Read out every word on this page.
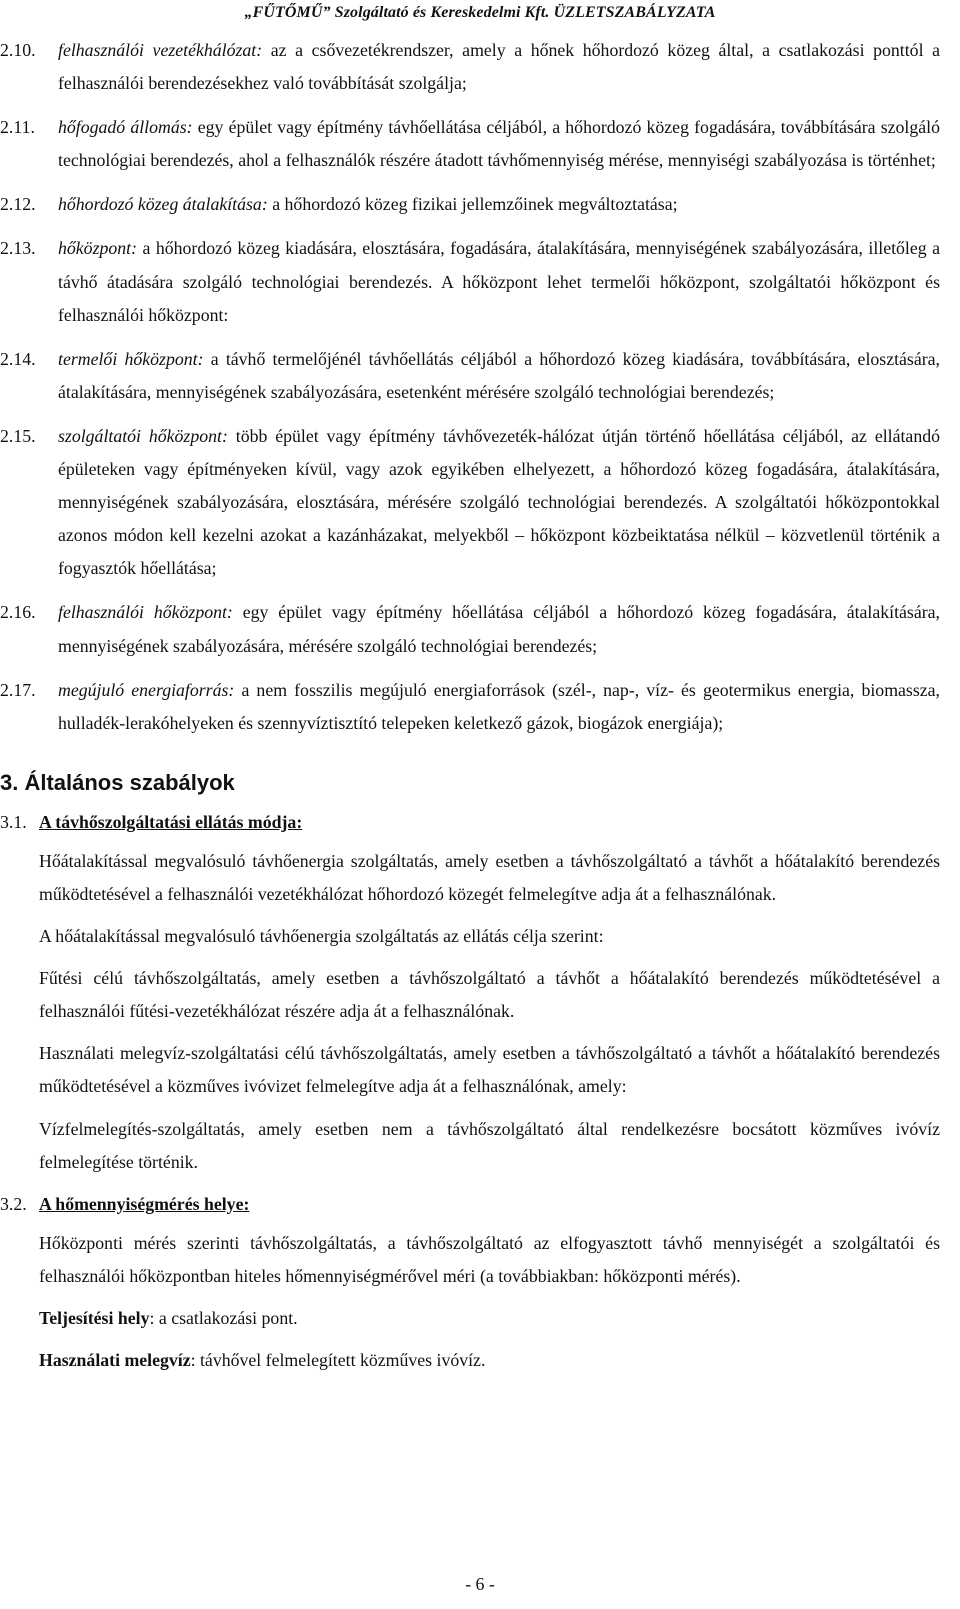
„FŰTŐMŰ” Szolgáltató és Kereskedelmi Kft. ÜZLETSZABÁLYZATA
2.10.	felhasználói vezetékhálózat: az a csővezetékrendszer, amely a hőnek hőhordozó közeg által, a csatlakozási ponttól a felhasználói berendezésekhez való továbbítását szolgálja;
2.11.	hőfogadó állomás: egy épület vagy építmény távhőellátása céljából, a hőhordozó közeg fogadására, továbbítására szolgáló technológiai berendezés, ahol a felhasználók részére átadott távhőmennyiség mérése, mennyiségi szabályozása is történhet;
2.12.	hőhordozó közeg átalakítása: a hőhordozó közeg fizikai jellemzőinek megváltoztatása;
2.13.	hőközpont: a hőhordozó közeg kiadására, elosztására, fogadására, átalakítására, mennyiségének szabályozására, illetőleg a távhő átadására szolgáló technológiai berendezés. A hőközpont lehet termelői hőközpont, szolgáltatói hőközpont és felhasználói hőközpont:
2.14.	termelői hőközpont: a távhő termelőjénél távhőellátás céljából a hőhordozó közeg kiadására, továbbítására, elosztására, átalakítására, mennyiségének szabályozására, esetenként mérésére szolgáló technológiai berendezés;
2.15.	szolgáltatói hőközpont: több épület vagy építmény távhővezeték-hálózat útján történő hőellátása céljából, az ellátandó épületeken vagy építményeken kívül, vagy azok egyikében elhelyezett, a hőhordozó közeg fogadására, átalakítására, mennyiségének szabályozására, elosztására, mérésére szolgáló technológiai berendezés. A szolgáltatói hőközpontokkal azonos módon kell kezelni azokat a kazánházakat, melyekből – hőközpont közbeiktatása nélkül – közvetlenül történik a fogyasztók hőellátása;
2.16.	felhasználói hőközpont: egy épület vagy építmény hőellátása céljából a hőhordozó közeg fogadására, átalakítására, mennyiségének szabályozására, mérésére szolgáló technológiai berendezés;
2.17.	megújuló energiaforrás: a nem fosszilis megújuló energiaforrások (szél-, nap-, víz- és geotermikus energia, biomassza, hulladék-lerakóhelyeken és szennyvíztisztító telepeken keletkező gázok, biogázok energiája);
3. Általános szabályok
3.1. A távhőszolgáltatási ellátás módja:
Hőátalakítással megvalósuló távhőenergia szolgáltatás, amely esetben a távhőszolgáltató a távhőt a hőátalakító berendezés működtetésével a felhasználói vezetékhálózat hőhordozó közegét felmelegítve adja át a felhasználónak.
A hőátalakítással megvalósuló távhőenergia szolgáltatás az ellátás célja szerint:
Fűtési célú távhőszolgáltatás, amely esetben a távhőszolgáltató a távhőt a hőátalakító berendezés működtetésével a felhasználói fűtési-vezetékhálózat részére adja át a felhasználónak.
Használati melegvíz-szolgáltatási célú távhőszolgáltatás, amely esetben a távhőszolgáltató a távhőt a hőátalakító berendezés működtetésével a közműves ivóvizet felmelegítve adja át a felhasználónak, amely:
Vízfelmelegítés-szolgáltatás, amely esetben nem a távhőszolgáltató által rendelkezésre bocsátott közműves ivóvíz felmelegítése történik.
3.2. A hőmennyiségmérés helye:
Hőközponti mérés szerinti távhőszolgáltatás, a távhőszolgáltató az elfogyasztott távhő mennyiségét a szolgáltatói és felhasználói hőközpontban hiteles hőmennyiségmérővel méri (a továbbiakban: hőközponti mérés).
Teljesítési hely: a csatlakozási pont.
Használati melegvíz: távhővel felmelegített közműves ivóvíz.
- 6 -
